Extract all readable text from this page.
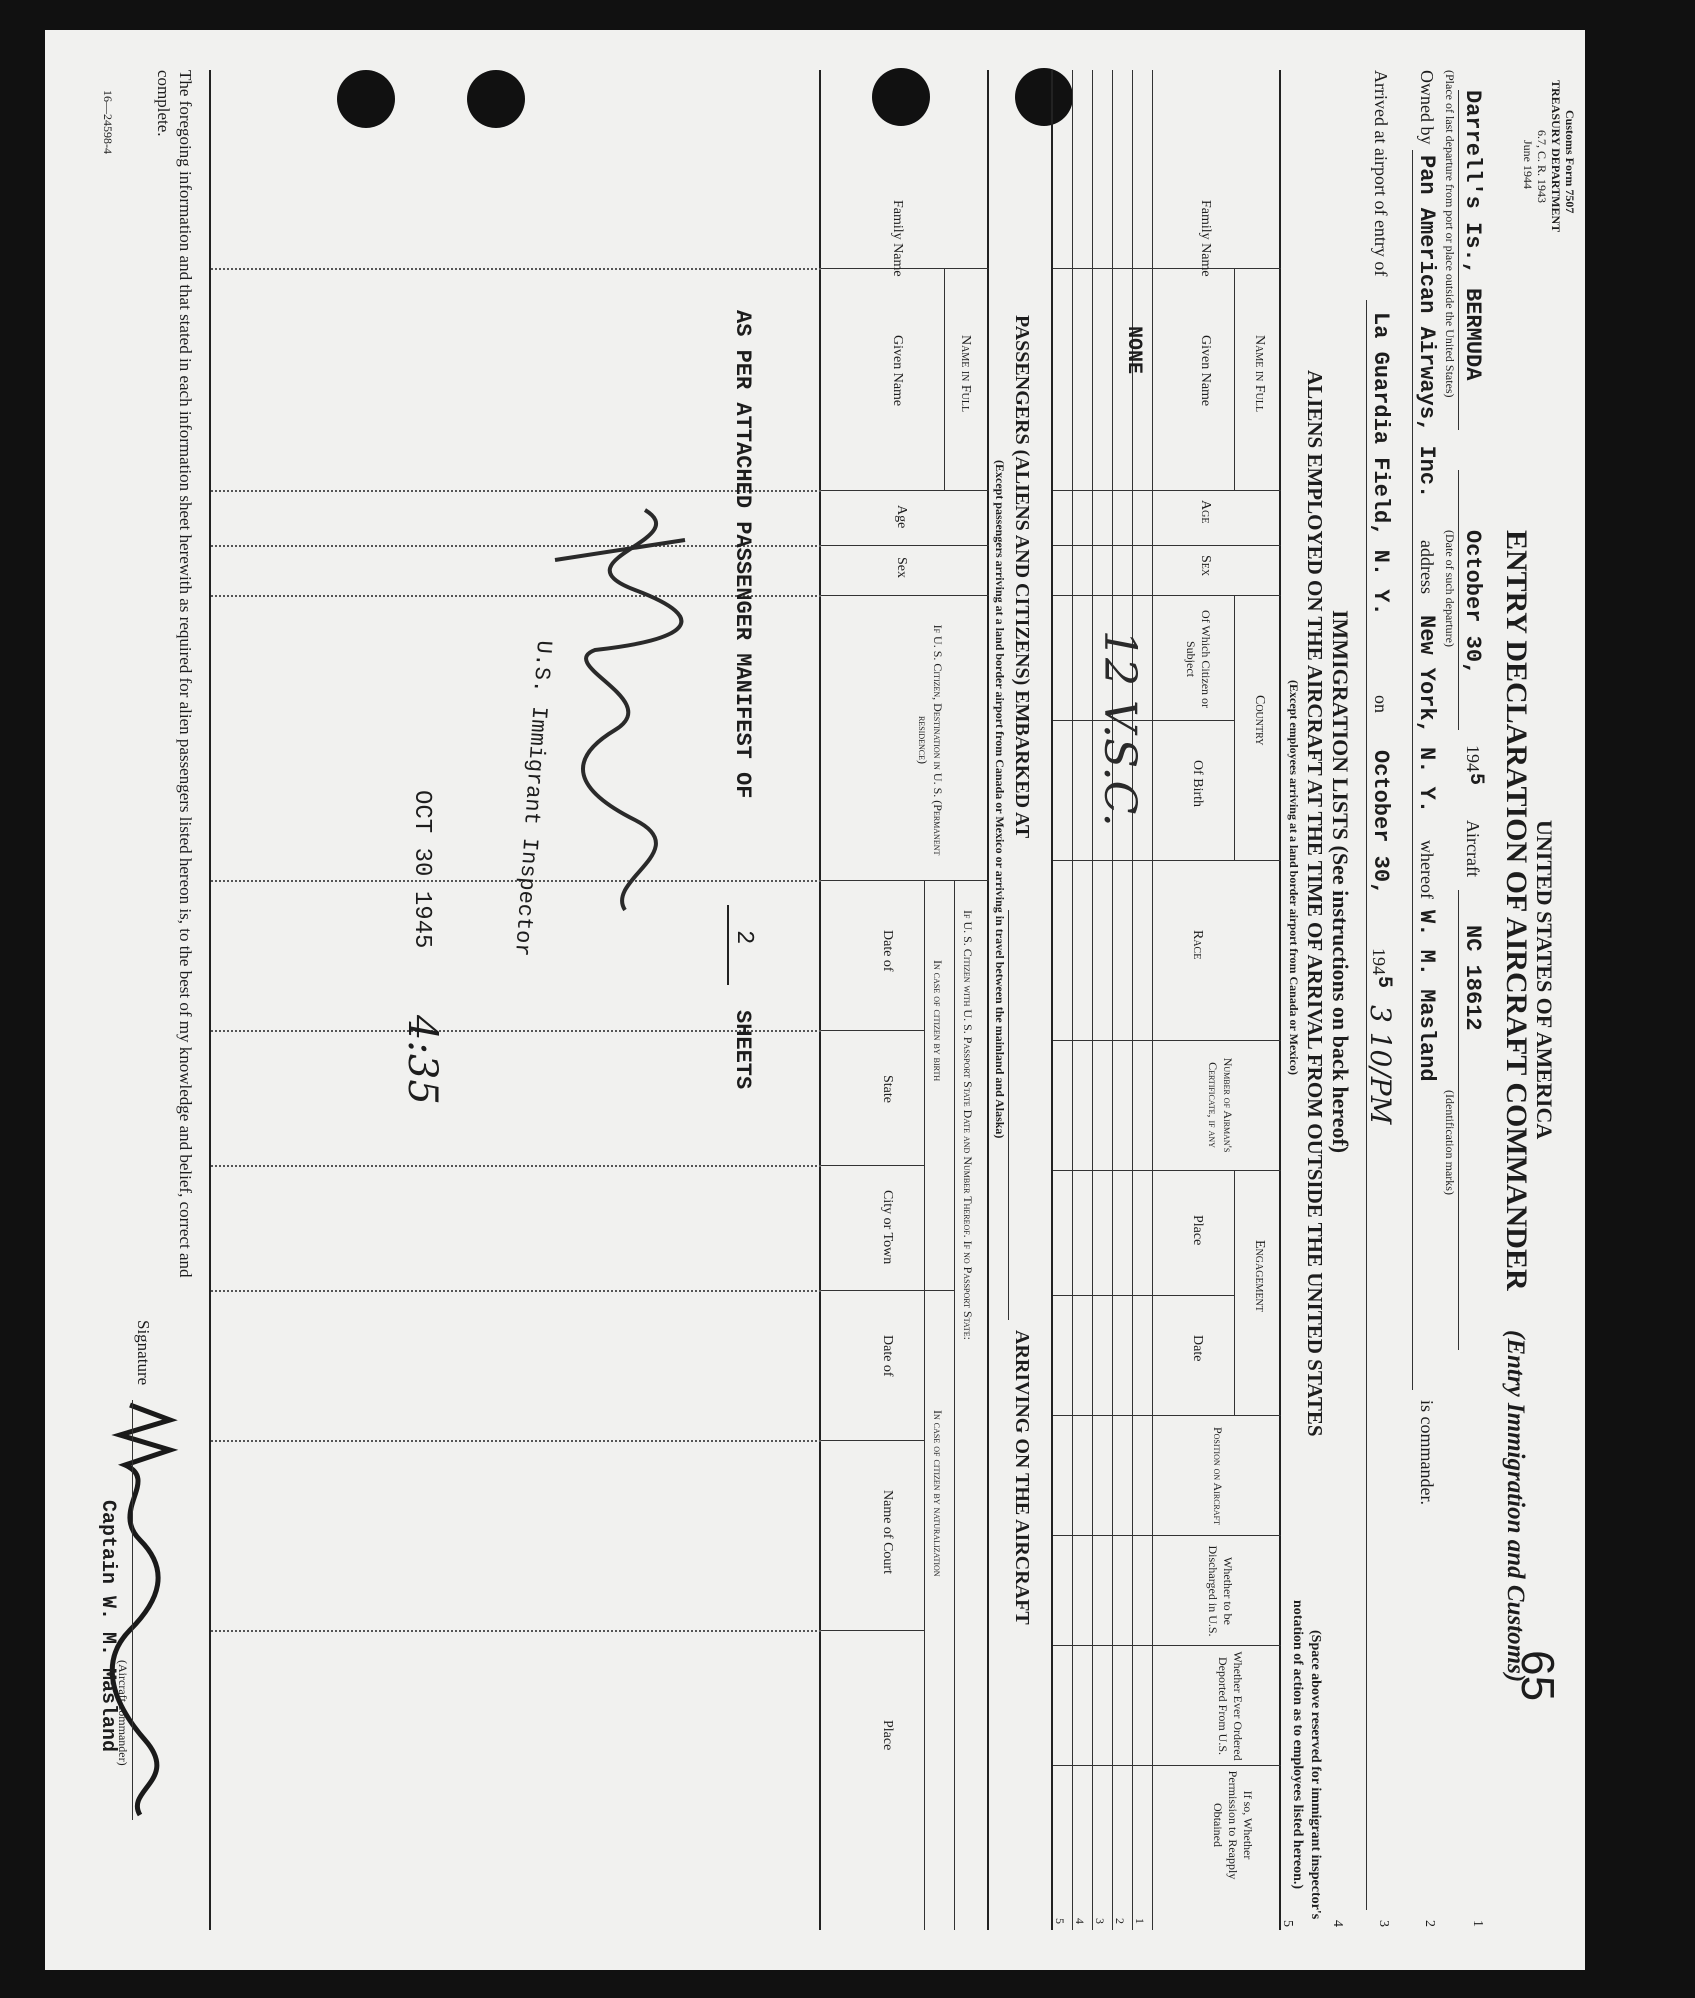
65
Customs Form 7507
TREASURY DEPARTMENT
6.7, C. R. 1943
June 1944
UNITED STATES OF AMERICA
ENTRY DECLARATION OF AIRCRAFT COMMANDER
(Entry Immigration and Customs)
Darrell's Is., BERMUDA
(Place of last departure from port or place outside the United States)
October 30,
(Date of such departure)
194
5
Aircraft
NC 18612
(Identification marks)
1
Owned by
Pan American Airways, Inc.
address
New York, N. Y.
whereof
W. M. Masland
is commander.
2
Arrived at airport of entry of
La Guardia Field, N. Y.
on
October 30,
194
5
3 10/PM
3
IMMIGRATION LISTS (See instructions on back hereof)
ALIENS EMPLOYED ON THE AIRCRAFT AT THE TIME OF ARRIVAL FROM OUTSIDE THE UNITED STATES
(Except employees arriving at a land border airport from Canada or Mexico)
(Space above reserved for immigrant inspector's
notation of action as to employees listed hereon.)
4
5
Name in Full
Family Name
Given Name
Age
Sex
Country
Of Which Citizen or Subject
Of Birth
Race
Number of Airman's Certificate, if any
Engagement
Place
Date
Position on Aircraft
Whether to be Discharged in U.S.
Whether Ever Ordered Deported From U.S.
If so, Whether Permission to Reapply Obtained
1
2
3
4
5
NONE
12 V.S.C.
PASSENGERS (ALIENS AND CITIZENS) EMBARKED AT
ARRIVING ON THE AIRCRAFT
(Except passengers arriving at a land border airport from Canada or Mexico or arriving in travel between the mainland and Alaska)
Name in Full
Family Name
Given Name
Age
Sex
If U. S. Citizen, Destination in U. S. (Permanent residence)
If U. S. Citizen with U. S. Passport State Date and Number Thereof. If no Passport State:
In case of citizen by birth
In case of citizen by naturalization
Date of
State
City or Town
Date of
Name of Court
Place
AS PER ATTACHED PASSENGER MANIFEST OF
2
SHEETS
U.S. Immigrant Inspector
OCT 30 1945
4:35
The foregoing information and that stated in each information sheet herewith as required for alien passengers listed hereon is, to the best of my knowledge and belief, correct and
complete.
Signature
(Aircraft commander)
Captain W. M. Masland
16—24598-4
